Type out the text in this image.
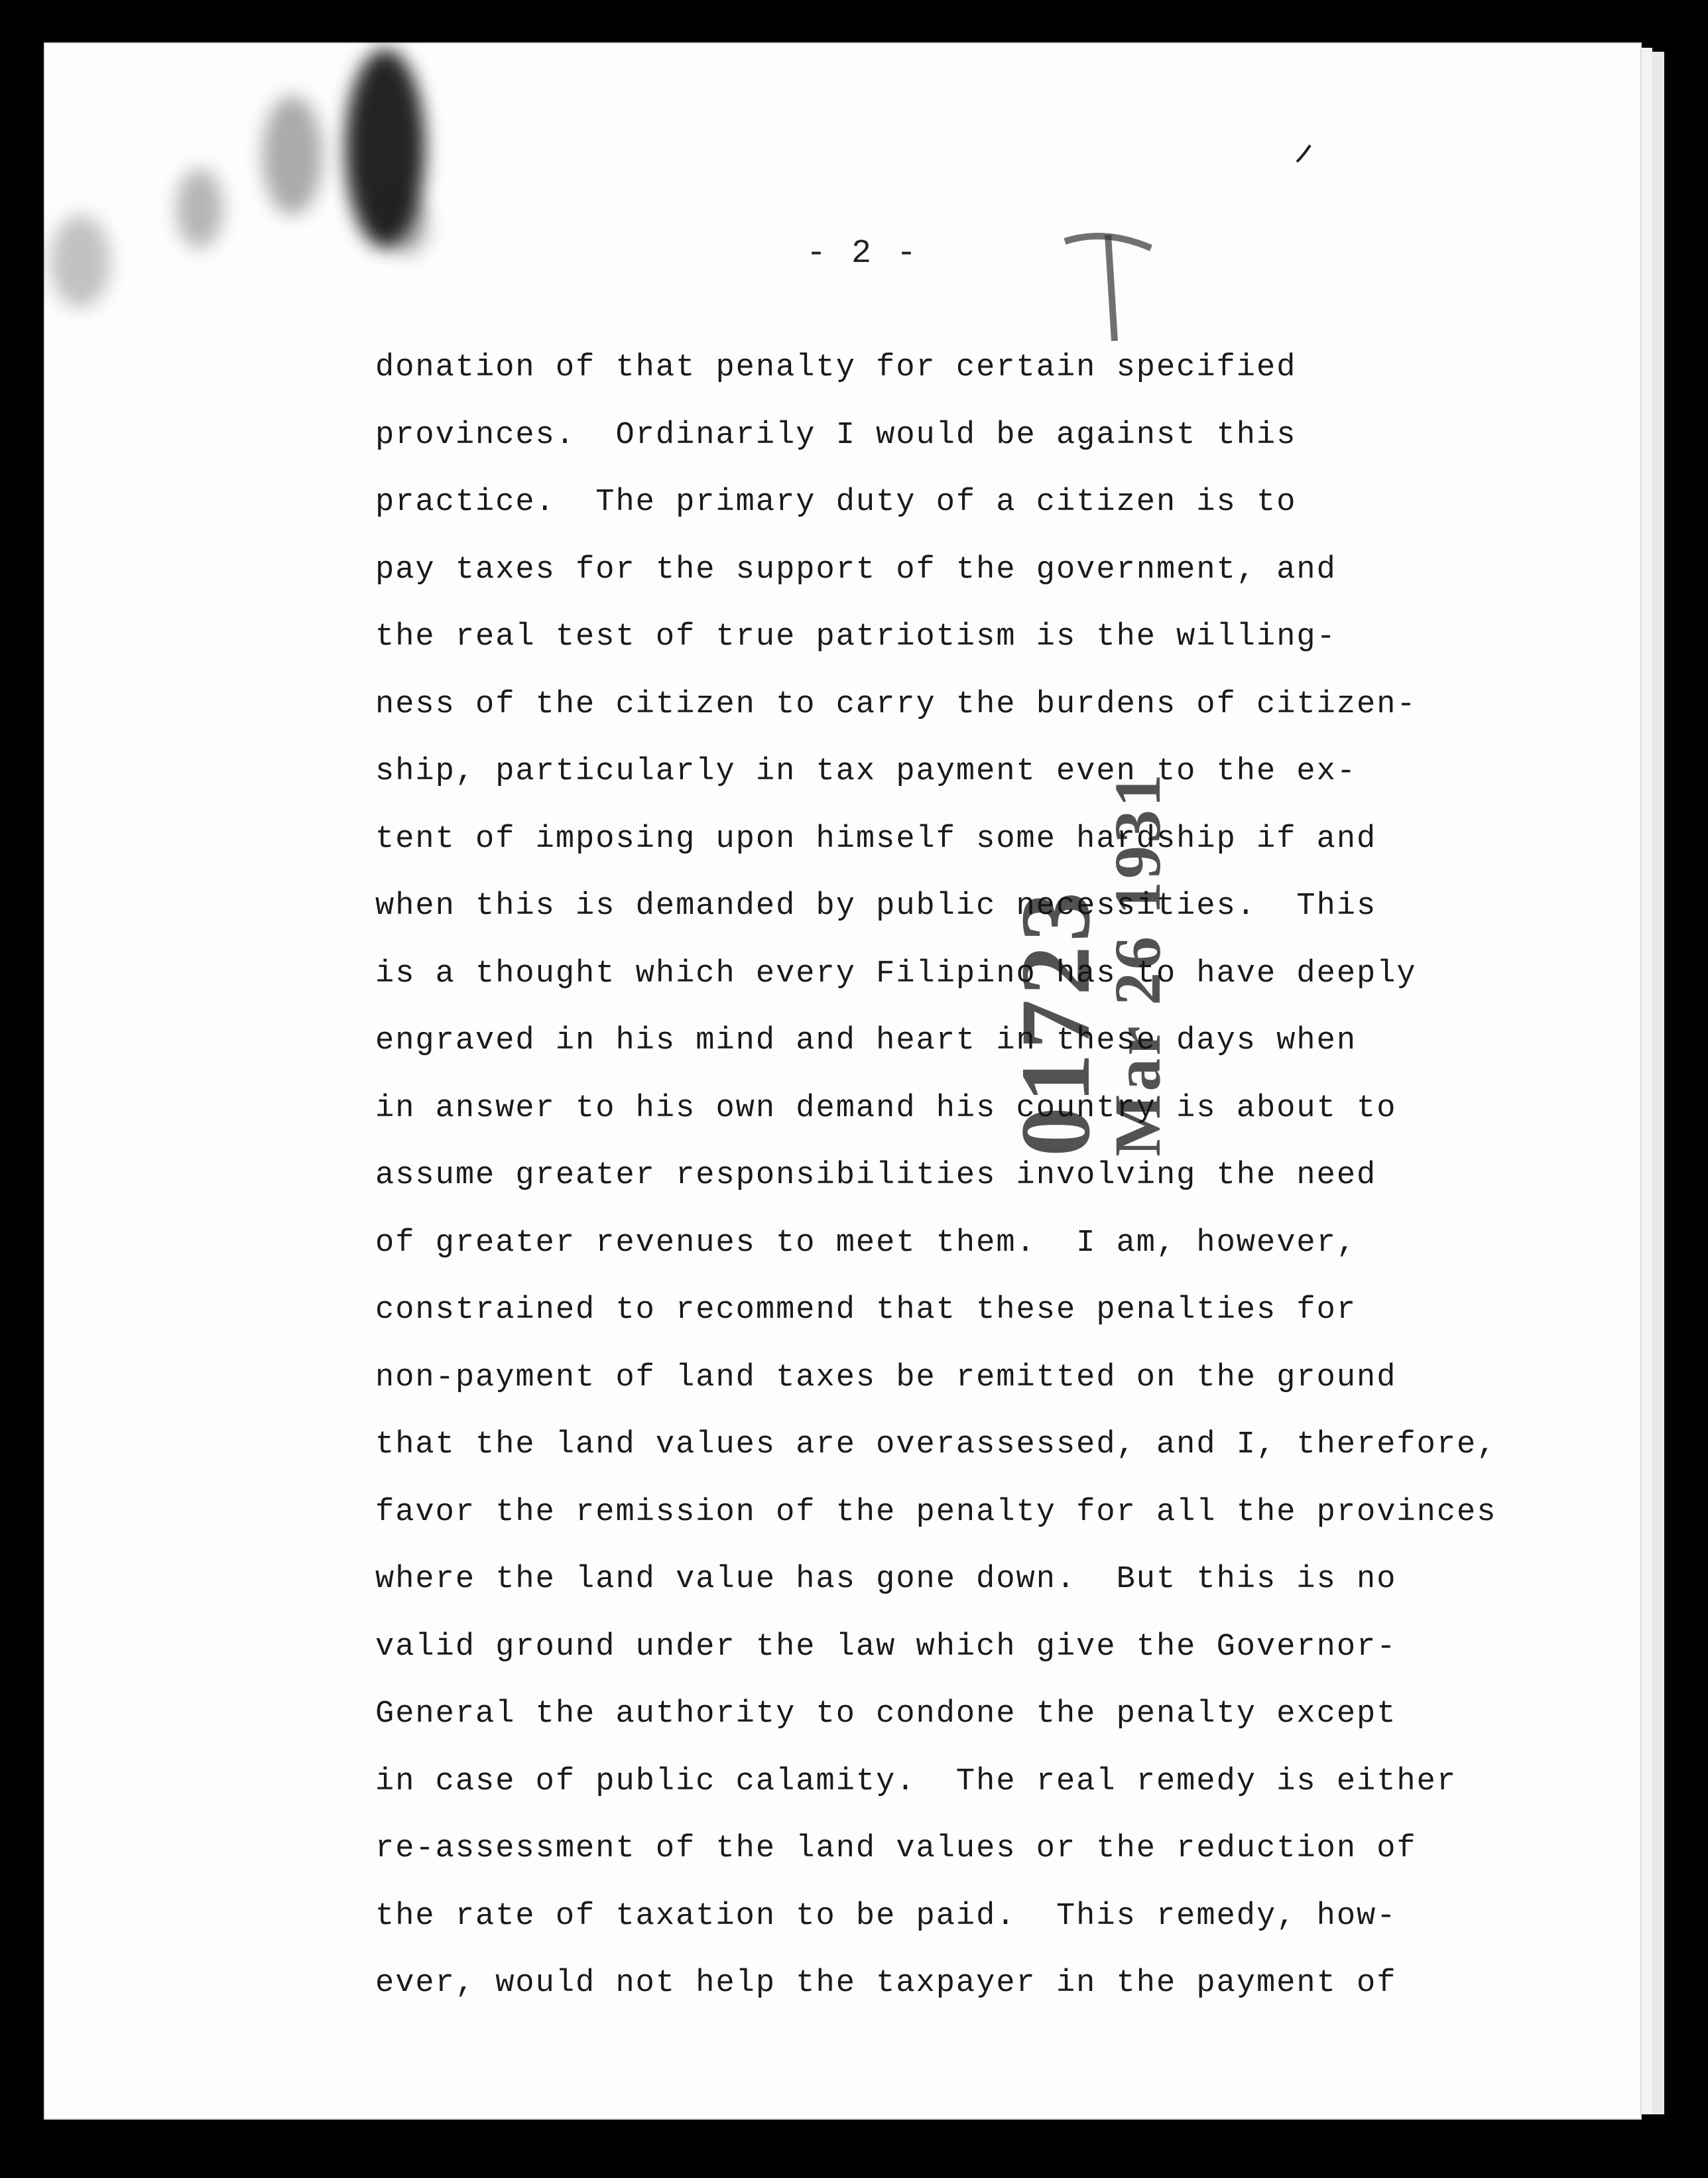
- 2 -
donation of that penalty for certain specified
provinces.  Ordinarily I would be against this
practice.  The primary duty of a citizen is to
pay taxes for the support of the government, and
the real test of true patriotism is the willing-
ness of the citizen to carry the burdens of citizen-
ship, particularly in tax payment even to the ex-
tent of imposing upon himself some hardship if and
when this is demanded by public necessities.  This
is a thought which every Filipino has to have deeply
engraved in his mind and heart in these days when
in answer to his own demand his country is about to
assume greater responsibilities involving the need
of greater revenues to meet them.  I am, however,
constrained to recommend that these penalties for
non-payment of land taxes be remitted on the ground
that the land values are overassessed, and I, therefore,
favor the remission of the penalty for all the provinces
where the land value has gone down.  But this is no
valid ground under the law which give the Governor-
General the authority to condone the penalty except
in case of public calamity.  The real remedy is either
re-assessment of the land values or the reduction of
the rate of taxation to be paid.  This remedy, how-
ever, would not help the taxpayer in the payment of
01723
Mar 26 1931
